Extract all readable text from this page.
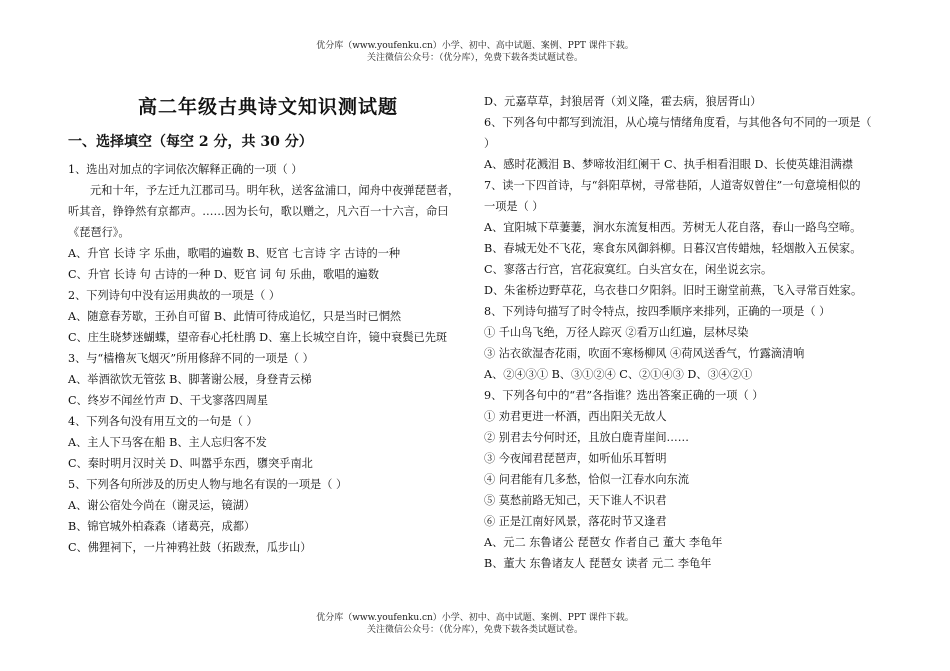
优分库（www.youfenku.cn）小学、初中、高中试题、案例、PPT 课件下载。
关注微信公众号：（优分库），免费下载各类试题试卷。
高二年级古典诗文知识测试题
一、选择填空（每空 2 分，共 30 分）
1、选出对加点的字词依次解释正确的一项（ ）
元和十年，予左迁九江郡司马。明年秋，送客盆浦口，闻舟中夜弹琵琶者，
听其音，铮铮然有京都声。……因为长句，歌以赠之，凡六百一十六言，命曰
《琵琶行》。
A、升官 长诗 字 乐曲，歌唱的遍数 B、贬官 七言诗 字 古诗的一种
C、升官 长诗 句 古诗的一种 D、贬官 词 句 乐曲，歌唱的遍数
2、下列诗句中没有运用典故的一项是（ ）
A、随意春芳歇，王孙自可留 B、此情可待成追忆，只是当时已惘然
C、庄生晓梦迷蝴蝶，望帝春心托杜鹃 D、塞上长城空自许，镜中衰鬓已先斑
3、与“樯橹灰飞烟灭”所用修辞不同的一项是（ ）
A、举酒欲饮无管弦 B、脚著谢公屐，身登青云梯
C、终岁不闻丝竹声 D、干戈寥落四周星
4、下列各句没有用互文的一句是（ ）
A、主人下马客在船 B、主人忘归客不发
C、秦时明月汉时关 D、叫嚣乎东西，隳突乎南北
5、下列各句所涉及的历史人物与地名有误的一项是（ ）
A、谢公宿处今尚在（谢灵运，镜湖）
B、锦官城外柏森森（诸葛亮，成都）
C、佛狸祠下，一片神鸦社鼓（拓跋焘，瓜步山）
D、元嘉草草，封狼居胥（刘义隆，霍去病，狼居胥山）
6、下列各句中都写到流泪，从心境与情绪角度看，与其他各句不同的一项是（
）
A、感时花溅泪 B、梦啼妆泪红阑干 C、执手相看泪眼 D、长使英雄泪满襟
7、读一下四首诗，与“斜阳草树，寻常巷陌，人道寄奴曾住”一句意境相似的
一项是（ ）
A、宜阳城下草萋萋，涧水东流复相西。芳树无人花自落，春山一路鸟空啼。
B、春城无处不飞花，寒食东风御斜柳。日暮汉宫传蜡烛，轻烟散入五侯家。
C、寥落古行宫，宫花寂寞红。白头宫女在，闲坐说玄宗。
D、朱雀桥边野草花，乌衣巷口夕阳斜。旧时王谢堂前燕，飞入寻常百姓家。
8、下列诗句描写了时令特点，按四季顺序来排列，正确的一项是（ ）
① 千山鸟飞绝，万径人踪灭 ②看万山红遍，层林尽染
③ 沾衣欲湿杏花雨，吹面不寒杨柳风 ④荷风送香气，竹露滴清响
A、②④③① B、③①②④ C、②①④③ D、③④②①
9、下列各句中的“君”各指谁？选出答案正确的一项（ ）
① 劝君更进一杯酒，西出阳关无故人
② 别君去兮何时还，且放白鹿青崖间……
③ 今夜闻君琵琶声，如听仙乐耳暂明
④ 问君能有几多愁，恰似一江春水向东流
⑤ 莫愁前路无知己，天下谁人不识君
⑥ 正是江南好风景，落花时节又逢君
A、元二 东鲁诸公 琵琶女 作者自己 董大 李龟年
B、董大 东鲁诸友人 琵琶女 读者 元二 李龟年
优分库（www.youfenku.cn）小学、初中、高中试题、案例、PPT 课件下载。
关注微信公众号：（优分库），免费下载各类试题试卷。
